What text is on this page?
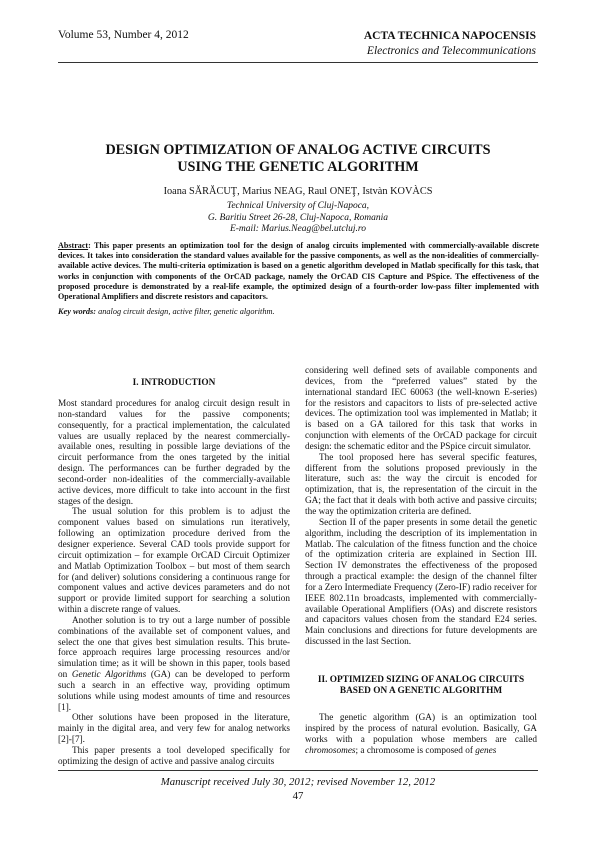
Volume 53, Number 4, 2012	ACTA TECHNICA NAPOCENSIS
Electronics and Telecommunications
DESIGN OPTIMIZATION OF ANALOG ACTIVE CIRCUITS
USING THE GENETIC ALGORITHM
Ioana SĂRĂCUŢ, Marius NEAG, Raul ONEŢ, Istvàn KOVÀCS
Technical University of Cluj-Napoca,
G. Baritiu Street 26-28, Cluj-Napoca, Romania
E-mail: Marius.Neag@bel.utcluj.ro
Abstract: This paper presents an optimization tool for the design of analog circuits implemented with commercially-available discrete devices. It takes into consideration the standard values available for the passive components, as well as the non-idealities of commercially-available active devices. The multi-criteria optimization is based on a genetic algorithm developed in Matlab specifically for this task, that works in conjunction with components of the OrCAD package, namely the OrCAD CIS Capture and PSpice. The effectiveness of the proposed procedure is demonstrated by a real-life example, the optimized design of a fourth-order low-pass filter implemented with Operational Amplifiers and discrete resistors and capacitors.
Key words: analog circuit design, active filter, genetic algorithm.
I. INTRODUCTION

Most standard procedures for analog circuit design result in non-standard values for the passive components; consequently, for a practical implementation, the calculated values are usually replaced by the nearest commercially-available ones, resulting in possible large deviations of the circuit performance from the ones targeted by the initial design. The performances can be further degraded by the second-order non-idealities of the commercially-available active devices, more difficult to take into account in the first stages of the design.

The usual solution for this problem is to adjust the component values based on simulations run iteratively, following an optimization procedure derived from the designer experience. Several CAD tools provide support for circuit optimization – for example OrCAD Circuit Optimizer and Matlab Optimization Toolbox – but most of them search for (and deliver) solutions considering a continuous range for component values and active devices parameters and do not support or provide limited support for searching a solution within a discrete range of values.

Another solution is to try out a large number of possible combinations of the available set of component values, and select the one that gives best simulation results. This brute-force approach requires large processing resources and/or simulation time; as it will be shown in this paper, tools based on Genetic Algorithms (GA) can be developed to perform such a search in an effective way, providing optimum solutions while using modest amounts of time and resources [1].

Other solutions have been proposed in the literature, mainly in the digital area, and very few for analog networks [2]-[7].

This paper presents a tool developed specifically for optimizing the design of active and passive analog circuits

considering well defined sets of available components and devices, from the “preferred values” stated by the international standard IEC 60063 (the well-known E-series) for the resistors and capacitors to lists of pre-selected active devices. The optimization tool was implemented in Matlab; it is based on a GA tailored for this task that works in conjunction with elements of the OrCAD package for circuit design: the schematic editor and the PSpice circuit simulator.

The tool proposed here has several specific features, different from the solutions proposed previously in the literature, such as: the way the circuit is encoded for optimization, that is, the representation of the circuit in the GA; the fact that it deals with both active and passive circuits; the way the optimization criteria are defined.

Section II of the paper presents in some detail the genetic algorithm, including the description of its implementation in Matlab. The calculation of the fitness function and the choice of the optimization criteria are explained in Section III. Section IV demonstrates the effectiveness of the proposed through a practical example: the design of the channel filter for a Zero Intermediate Frequency (Zero-IF) radio receiver for IEEE 802.11n broadcasts, implemented with commercially-available Operational Amplifiers (OAs) and discrete resistors and capacitors values chosen from the standard E24 series. Main conclusions and directions for future developments are discussed in the last Section.

II. OPTIMIZED SIZING OF ANALOG CIRCUITS
BASED ON A GENETIC ALGORITHM

The genetic algorithm (GA) is an optimization tool inspired by the process of natural evolution. Basically, GA works with a population whose members are called chromosomes; a chromosome is composed of genes

Manuscript received July 30, 2012; revised November 12, 2012
47
